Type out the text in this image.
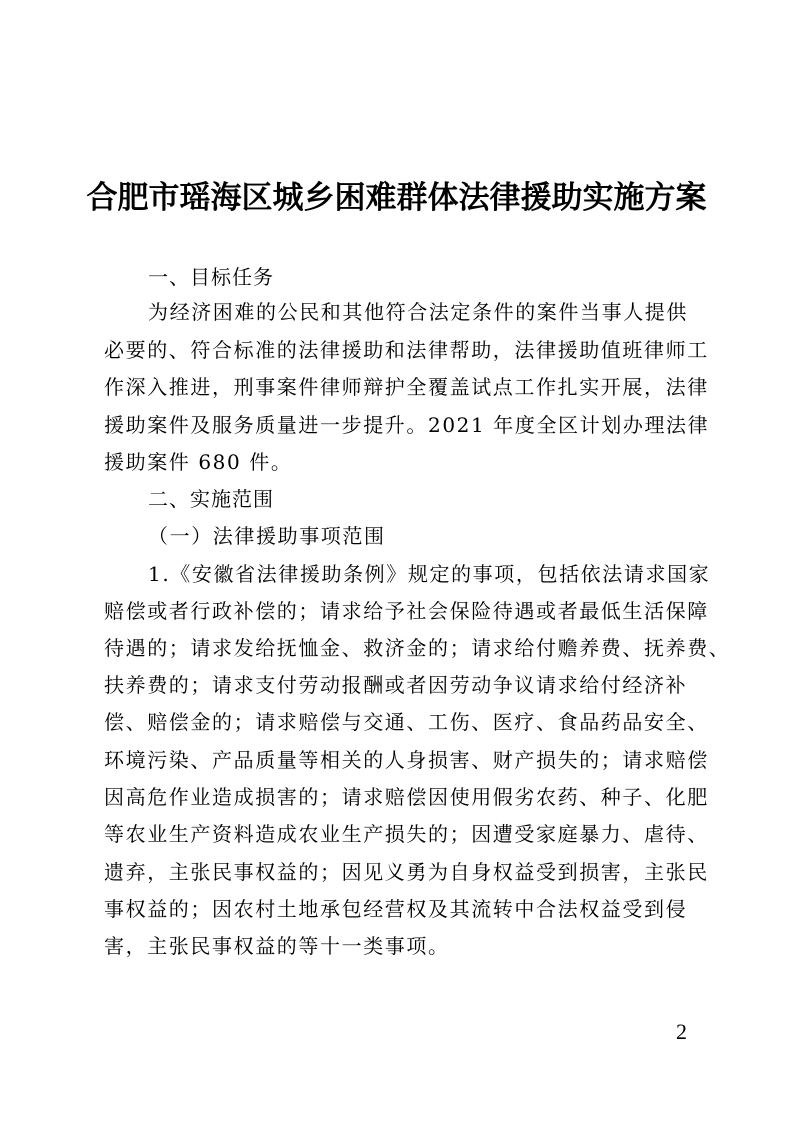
合肥市瑶海区城乡困难群体法律援助实施方案
一、目标任务
为经济困难的公民和其他符合法定条件的案件当事人提供
必要的、符合标准的法律援助和法律帮助，法律援助值班律师工
作深入推进，刑事案件律师辩护全覆盖试点工作扎实开展，法律
援助案件及服务质量进一步提升。2021 年度全区计划办理法律
援助案件 680 件。
二、实施范围
（一）法律援助事项范围
1.《安徽省法律援助条例》规定的事项，包括依法请求国家
赔偿或者行政补偿的；请求给予社会保险待遇或者最低生活保障
待遇的；请求发给抚恤金、救济金的；请求给付赡养费、抚养费、
扶养费的；请求支付劳动报酬或者因劳动争议请求给付经济补
偿、赔偿金的；请求赔偿与交通、工伤、医疗、食品药品安全、
环境污染、产品质量等相关的人身损害、财产损失的；请求赔偿
因高危作业造成损害的；请求赔偿因使用假劣农药、种子、化肥
等农业生产资料造成农业生产损失的；因遭受家庭暴力、虐待、
遗弃，主张民事权益的；因见义勇为自身权益受到损害，主张民
事权益的；因农村土地承包经营权及其流转中合法权益受到侵
害，主张民事权益的等十一类事项。
2
